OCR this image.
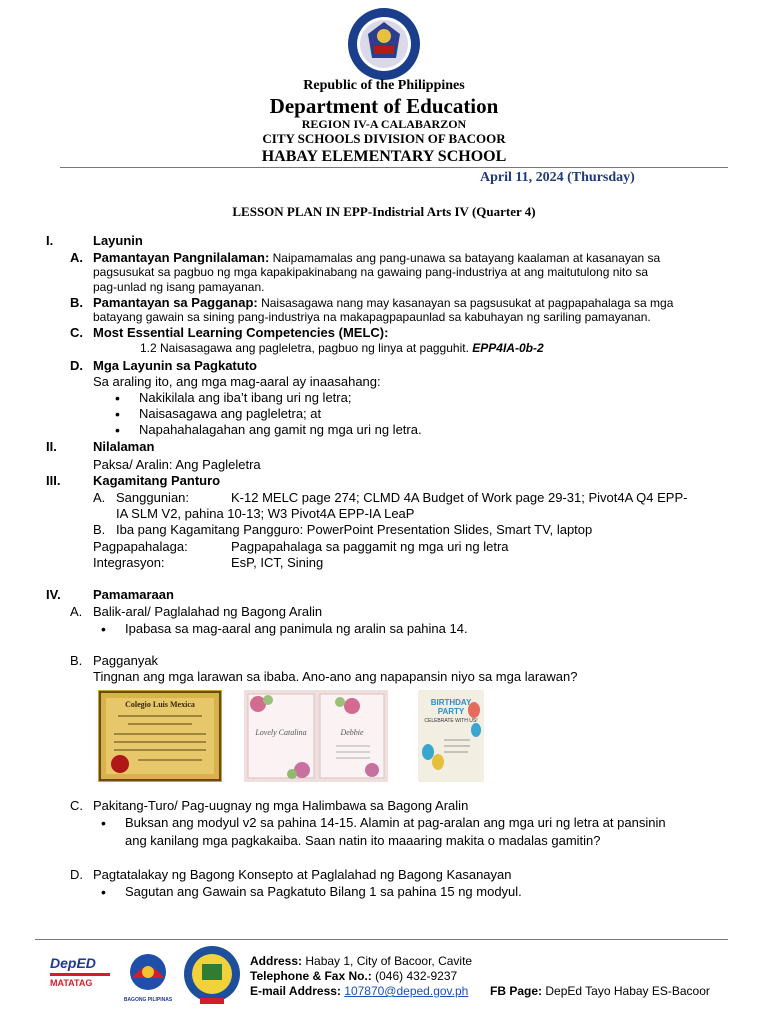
Republic of the Philippines
Department of Education
REGION IV-A CALABARZON
CITY SCHOOLS DIVISION OF BACOOR
HABAY ELEMENTARY SCHOOL
April 11, 2024 (Thursday)
LESSON PLAN IN EPP-Indistrial Arts IV (Quarter 4)
I.	Layunin
A. Pamantayan Pangnilalaman: Naipamamalas ang pang-unawa sa batayang kaalaman at kasanayan sa
pagsusukat sa pagbuo ng mga kapakipakinabang na gawaing pang-industriya at ang maitutulong nito sa
pag-unlad ng isang pamayanan.
B. Pamantayan sa Pagganap: Naisasagawa nang may kasanayan sa pagsusukat at pagpapahalaga sa mga
batayang gawain sa sining pang-industriya na makapagpapaunlad sa kabuhayan ng sariling pamayanan.
C. Most Essential Learning Competencies (MELC):
1.2 Naisasagawa ang pagleletra, pagbuo ng linya at pagguhit. EPP4IA-0b-2
D. Mga Layunin sa Pagkatuto
Sa araling ito, ang mga mag-aaral ay inaasahang:
• Nakikilala ang iba’t ibang uri ng letra;
• Naisasagawa ang pagleletra; at
• Napahahalagahan ang gamit ng mga uri ng letra.
II.	Nilalaman
Paksa/ Aralin: Ang Pagleletra
III.	Kagamitang Panturo
A. Sanggunian:	K-12 MELC page 274; CLMD 4A Budget of Work page 29-31; Pivot4A Q4 EPP-
IA SLM V2, pahina 10-13; W3 Pivot4A EPP-IA LeaP
B. Iba pang Kagamitang Pangguro: PowerPoint Presentation Slides, Smart TV, laptop
Pagpapahalaga:	Pagpapahalaga sa paggamit ng mga uri ng letra
Integrasyon:	EsP, ICT, Sining
IV. Pamamaraan
A. Balik-aral/ Paglalahad ng Bagong Aralin
• Ipabasa sa mag-aaral ang panimula ng aralin sa pahina 14.
B. Pagganyak
Tingnan ang mga larawan sa ibaba. Ano-ano ang napapansin niyo sa mga larawan?
Colegio Luis Mexica
Lovely Catalina	Debbie
BIRTHDAY PARTY
CELEBRATE WITH US!
C. Pakitang-Turo/ Pag-uugnay ng mga Halimbawa sa Bagong Aralin
• Buksan ang modyul v2 sa pahina 14-15. Alamin at pag-aralan ang mga uri ng letra at pansinin
ang kanilang mga pagkakaiba. Saan natin ito maaaring makita o madalas gamitin?
D. Pagtatalakay ng Bagong Konsepto at Paglalahad ng Bagong Kasanayan
• Sagutan ang Gawain sa Pagkatuto Bilang 1 sa pahina 15 ng modyul.
DepED
MATATAG
BAGONG PILIPINAS
Address: Habay 1, City of Bacoor, Cavite
Telephone & Fax No.: (046) 432-9237
E-mail Address: 107870@deped.gov.ph FB Page: DepEd Tayo Habay ES-Bacoor
